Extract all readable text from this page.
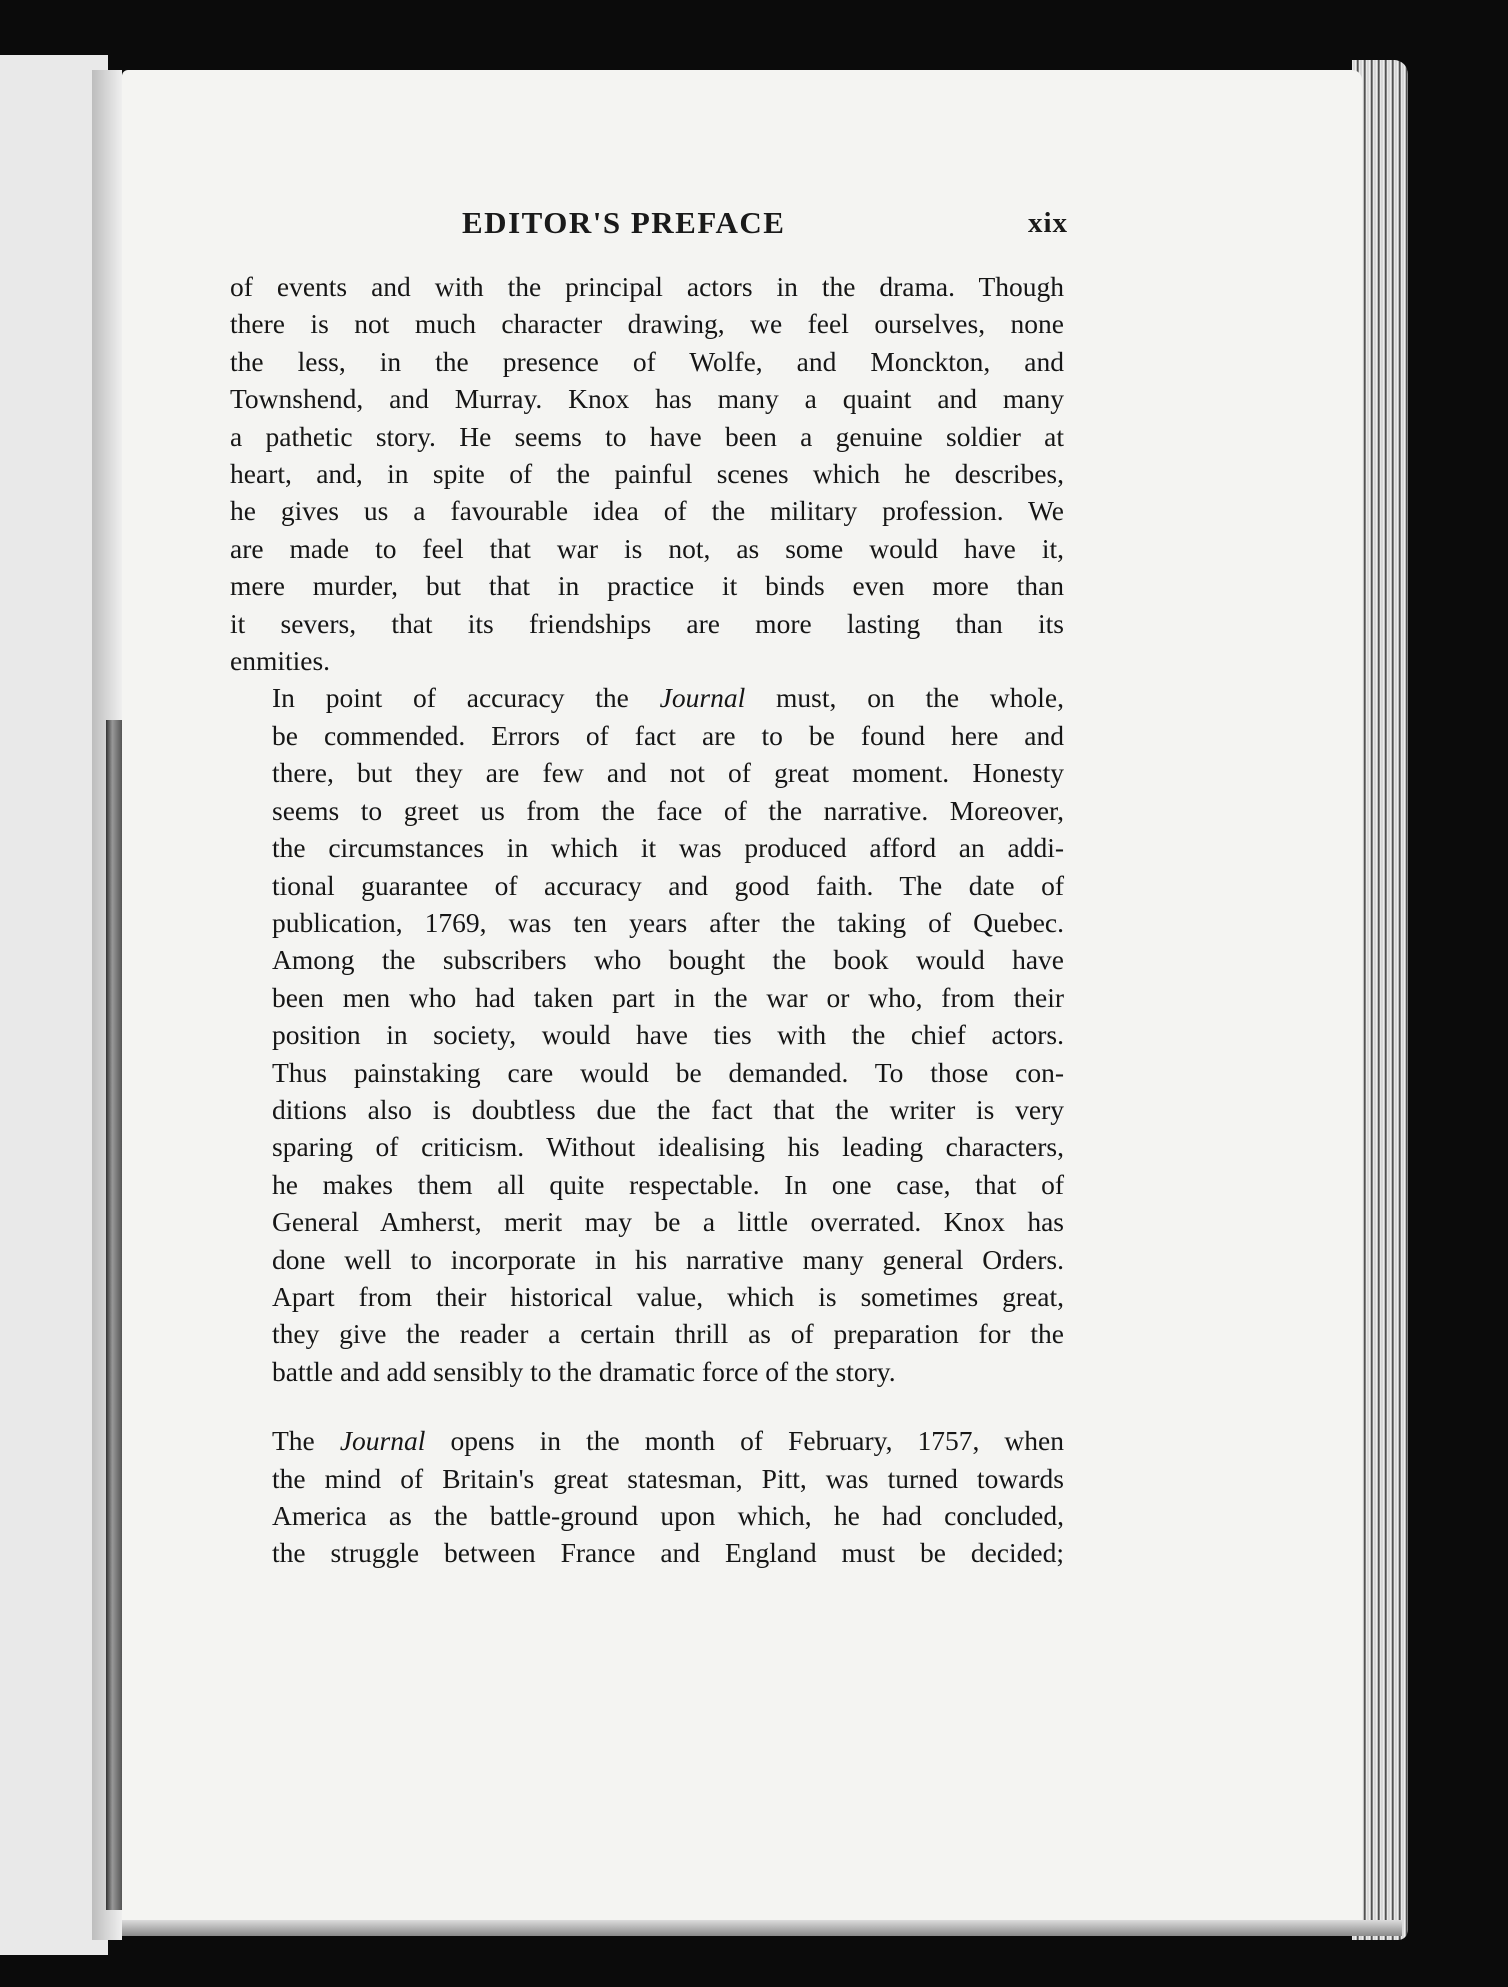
EDITOR'S PREFACE	xix

of events and with the principal actors in the drama. Though
there is not much character drawing, we feel ourselves, none
the less, in the presence of Wolfe, and Monckton, and
Townshend, and Murray. Knox has many a quaint and many
a pathetic story. He seems to have been a genuine soldier at
heart, and, in spite of the painful scenes which he describes,
he gives us a favourable idea of the military profession. We
are made to feel that war is not, as some would have it,
mere murder, but that in practice it binds even more than
it severs, that its friendships are more lasting than its
enmities.

In point of accuracy the Journal must, on the whole,
be commended. Errors of fact are to be found here and
there, but they are few and not of great moment. Honesty
seems to greet us from the face of the narrative. Moreover,
the circumstances in which it was produced afford an addi-
tional guarantee of accuracy and good faith. The date of
publication, 1769, was ten years after the taking of Quebec.
Among the subscribers who bought the book would have
been men who had taken part in the war or who, from their
position in society, would have ties with the chief actors.
Thus painstaking care would be demanded. To those con-
ditions also is doubtless due the fact that the writer is very
sparing of criticism. Without idealising his leading characters,
he makes them all quite respectable. In one case, that of
General Amherst, merit may be a little overrated. Knox has
done well to incorporate in his narrative many general Orders.
Apart from their historical value, which is sometimes great,
they give the reader a certain thrill as of preparation for the
battle and add sensibly to the dramatic force of the story.

The Journal opens in the month of February, 1757, when
the mind of Britain's great statesman, Pitt, was turned towards
America as the battle-ground upon which, he had concluded,
the struggle between France and England must be decided;
